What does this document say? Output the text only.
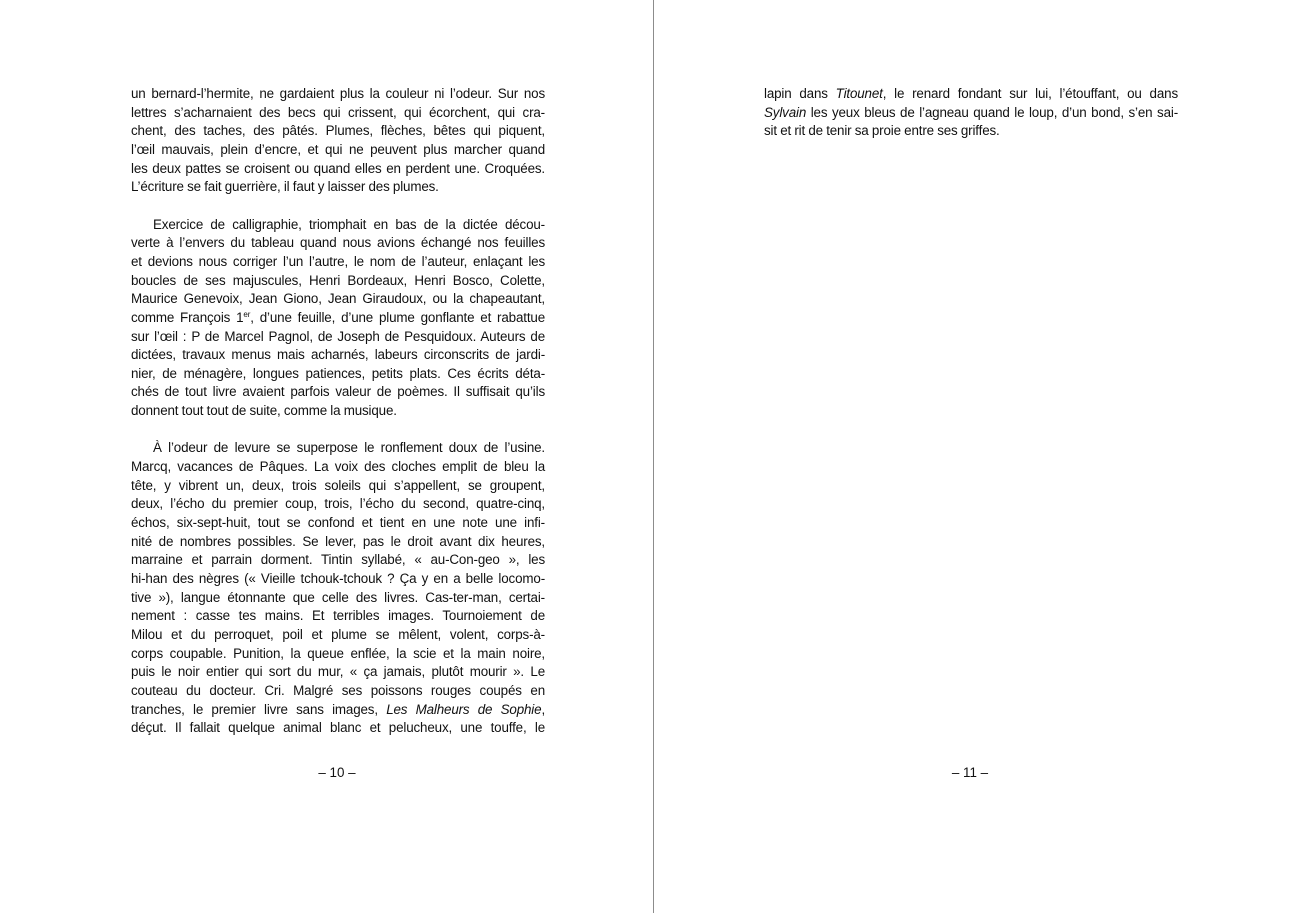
un bernard-l’hermite, ne gardaient plus la couleur ni l’odeur. Sur nos
lettres s’acharnaient des becs qui crissent, qui écorchent, qui cra-
chent, des taches, des pâtés. Plumes, flèches, bêtes qui piquent,
l’œil mauvais, plein d’encre, et qui ne peuvent plus marcher quand
les deux pattes se croisent ou quand elles en perdent une. Croquées.
L’écriture se fait guerrière, il faut y laisser des plumes.
Exercice de calligraphie, triomphait en bas de la dictée décou-
verte à l’envers du tableau quand nous avions échangé nos feuilles
et devions nous corriger l’un l’autre, le nom de l’auteur, enlaçant les
boucles de ses majuscules, Henri Bordeaux, Henri Bosco, Colette,
Maurice Genevoix, Jean Giono, Jean Giraudoux, ou la chapeautant,
comme François 1er, d’une feuille, d’une plume gonflante et rabattue
sur l’œil : P de Marcel Pagnol, de Joseph de Pesquidoux. Auteurs de
dictées, travaux menus mais acharnés, labeurs circonscrits de jardi-
nier, de ménagère, longues patiences, petits plats. Ces écrits déta-
chés de tout livre avaient parfois valeur de poèmes. Il suffisait qu’ils
donnent tout tout de suite, comme la musique.
À l’odeur de levure se superpose le ronflement doux de l’usine.
Marcq, vacances de Pâques. La voix des cloches emplit de bleu la
tête, y vibrent un, deux, trois soleils qui s’appellent, se groupent,
deux, l’écho du premier coup, trois, l’écho du second, quatre-cinq,
échos, six-sept-huit, tout se confond et tient en une note une infi-
nité de nombres possibles. Se lever, pas le droit avant dix heures,
marraine et parrain dorment. Tintin syllabé, « au-Con-geo », les
hi-han des nègres (« Vieille tchouk-tchouk ? Ça y en a belle locomo-
tive »), langue étonnante que celle des livres. Cas-ter-man, certai-
nement : casse tes mains. Et terribles images. Tournoiement de
Milou et du perroquet, poil et plume se mêlent, volent, corps-à-
corps coupable. Punition, la queue enflée, la scie et la main noire,
puis le noir entier qui sort du mur, « ça jamais, plutôt mourir ». Le
couteau du docteur. Cri. Malgré ses poissons rouges coupés en
tranches, le premier livre sans images, Les Malheurs de Sophie,
déçut. Il fallait quelque animal blanc et pelucheux, une touffe, le
– 10 –
lapin dans Titounet, le renard fondant sur lui, l’étouffant, ou dans
Sylvain les yeux bleus de l’agneau quand le loup, d’un bond, s’en sai-
sit et rit de tenir sa proie entre ses griffes.
– 11 –
